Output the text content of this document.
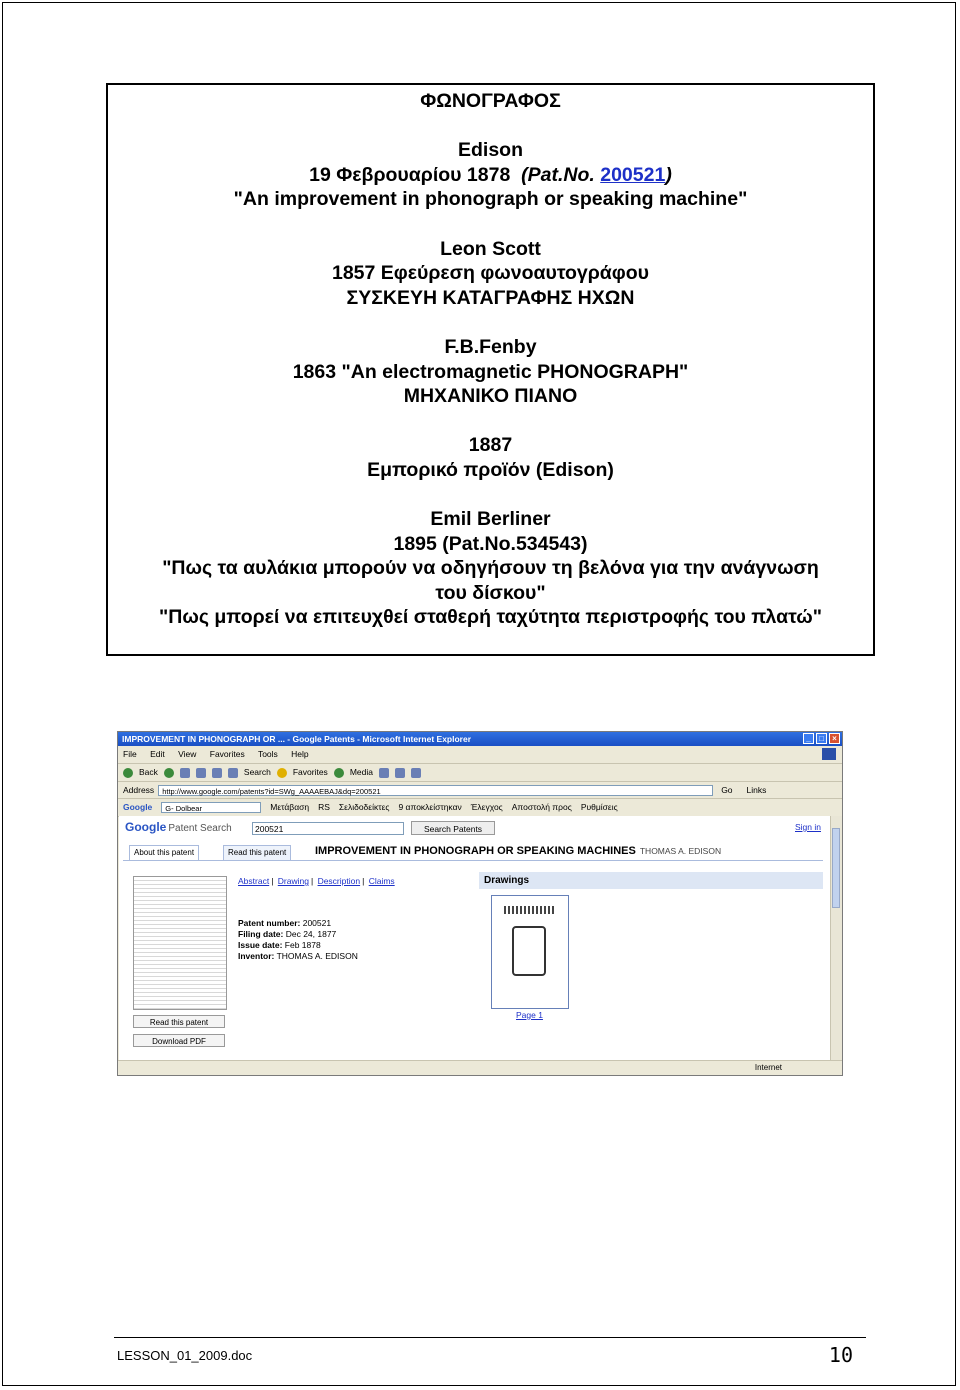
ΦΩΝΟΓΡΑΦΟΣ
Edison
19 Φεβρουαρίου 1878 (Pat.No. 200521)
"An improvement in phonograph or speaking machine"
Leon Scott
1857 Εφεύρεση φωνοαυτογράφου
ΣΥΣΚΕΥΗ ΚΑΤΑΓΡΑΦΗΣ ΗΧΩΝ
F.B.Fenby
1863 "An electromagnetic PHONOGRAPH"
ΜΗΧΑΝΙΚΟ ΠΙΑΝΟ
1887
Εμπορικό προϊόν (Edison)
Emil Berliner
1895 (Pat.No.534543)
"Πως τα αυλάκια μπορούν να οδηγήσουν τη βελόνα για την ανάγνωση
του δίσκου"
"Πως μπορεί να επιτευχθεί σταθερή ταχύτητα περιστροφής του πλατώ"
IMPROVEMENT IN PHONOGRAPH OR ... - Google Patents - Microsoft Internet Explorer	_	□	×
File Edit View Favorites Tools Help
Back	Search	Favorites	Media
Address	http://www.google.com/patents?id=SWg_AAAAEBAJ&dq=200521	Go Links
Google	G- Dolbear	Μετάβαση RS Σελιδοδείκτες 9 αποκλείστηκαν Έλεγχος Αποστολή προς Ρυθμίσεις
Google Patent Search	200521	Search Patents	Sign in
About this patent	Read this patent	IMPROVEMENT IN PHONOGRAPH OR SPEAKING MACHINES THOMAS A. EDISON
Read this patent
Download PDF
Abstract | Drawing | Description | Claims
Patent number: 200521
Filing date: Dec 24, 1877
Issue date: Feb 1878
Inventor: THOMAS A. EDISON
Drawings
Page 1
Internet
LESSON_01_2009.doc	10
